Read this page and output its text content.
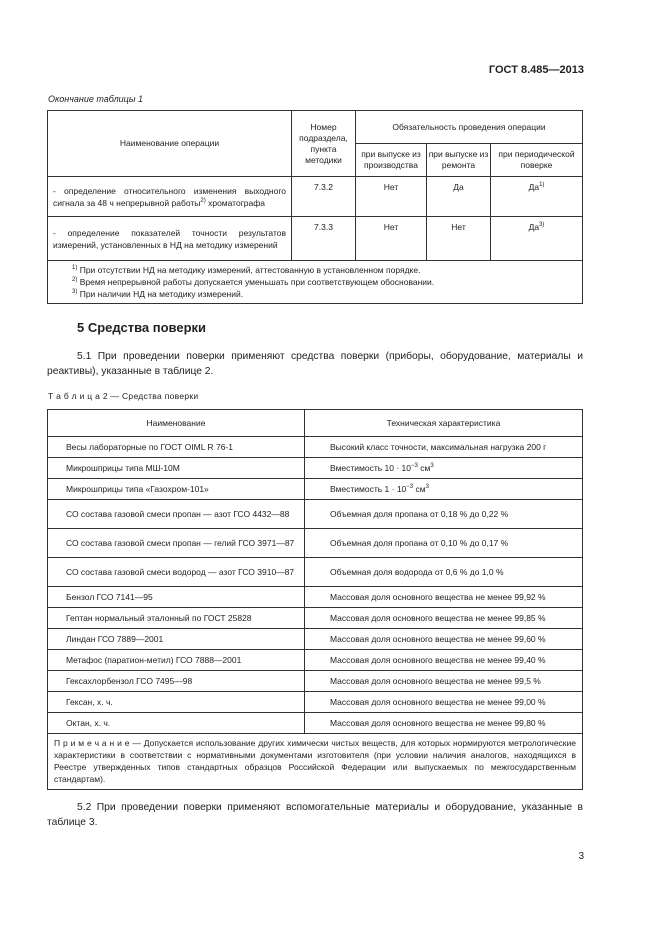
ГОСТ 8.485—2013
Окончание таблицы 1
Наименование операции	Номер подраздела, пункта методики	Обязательность проведения операции		
		при выпуске из производства	при выпуске из ремонта	при периодической поверке
- определение относительного изменения выходного сигнала за 48 ч непрерывной работы$^{2)}$ хроматографа	7.3.2	Нет	Да	$Да^{1)}$
- определение показателей точности результатов измерений, установленных в НД на методику измерений	7.3.3	Нет	Нет	$Да^{3)}$

$^{1)}$ При отсутствии НД на методику измерений, аттестованную в установленном порядке.
$^{2)}$ Время непрерывной работы допускается уменьшать при соответствующем обосновании.
$^{3)}$ При наличии НД на методику измерений.				
5 Средства поверки
5.1 При проведении поверки применяют средства поверки (приборы, оборудование, материалы и реактивы), указанные в таблице 2.
Т а б л и ц а 2 — Средства поверки
Наименование	Техническая характеристика

Весы лабораторные по ГОСТ OIML R 76-1	Высокий класс точности, максимальная нагрузка 200 г

Микрошприцы типа МШ-10М	Вместимость $10 \cdot 10^{-3}$ $см^3$

Микрошприцы типа «Газохром-101»	Вместимость $1 \cdot 10^{-3}$ $см^3$
СО состава газовой смеси пропан — азот ГСО 4432—88	Объемная доля пропана от 0,18 % до 0,22 %
СО состава газовой смеси пропан — гелий ГСО 3971—87	Объемная доля пропана от 0,10 % до 0,17 %
СО состава газовой смеси водород — азот ГСО 3910—87	Объемная доля водорода от 0,6 % до 1,0 %

Бензол ГСО 7141—95	Массовая доля основного вещества не менее 99,92 %

Гептан нормальный эталонный по ГОСТ 25828	Массовая доля основного вещества не менее 99,85 %

Линдан ГСО 7889—2001	Массовая доля основного вещества не менее 99,60 %

Метафос (паратион-метил) ГСО 7888—2001	Массовая доля основного вещества не менее 99,40 %

Гексахлорбензол ГСО 7495—98	Массовая доля основного вещества не менее 99,5 %

Гексан, х. ч.	Массовая доля основного вещества не менее 99,00 %

Октан, х. ч.	Массовая доля основного вещества не менее 99,80 %
П р и м е ч а н и е — Допускается использование других химически чистых веществ, для которых нормируются метрологические характеристики в соответствии с нормативными документами изготовителя (при условии наличия аналогов, находящихся в Реестре утвержденных типов стандартных образцов Российской Федерации или выпускаемых по межгосударственным стандартам).	
5.2 При проведении поверки применяют вспомогательные материалы и оборудование, указанные в таблице 3.
3
